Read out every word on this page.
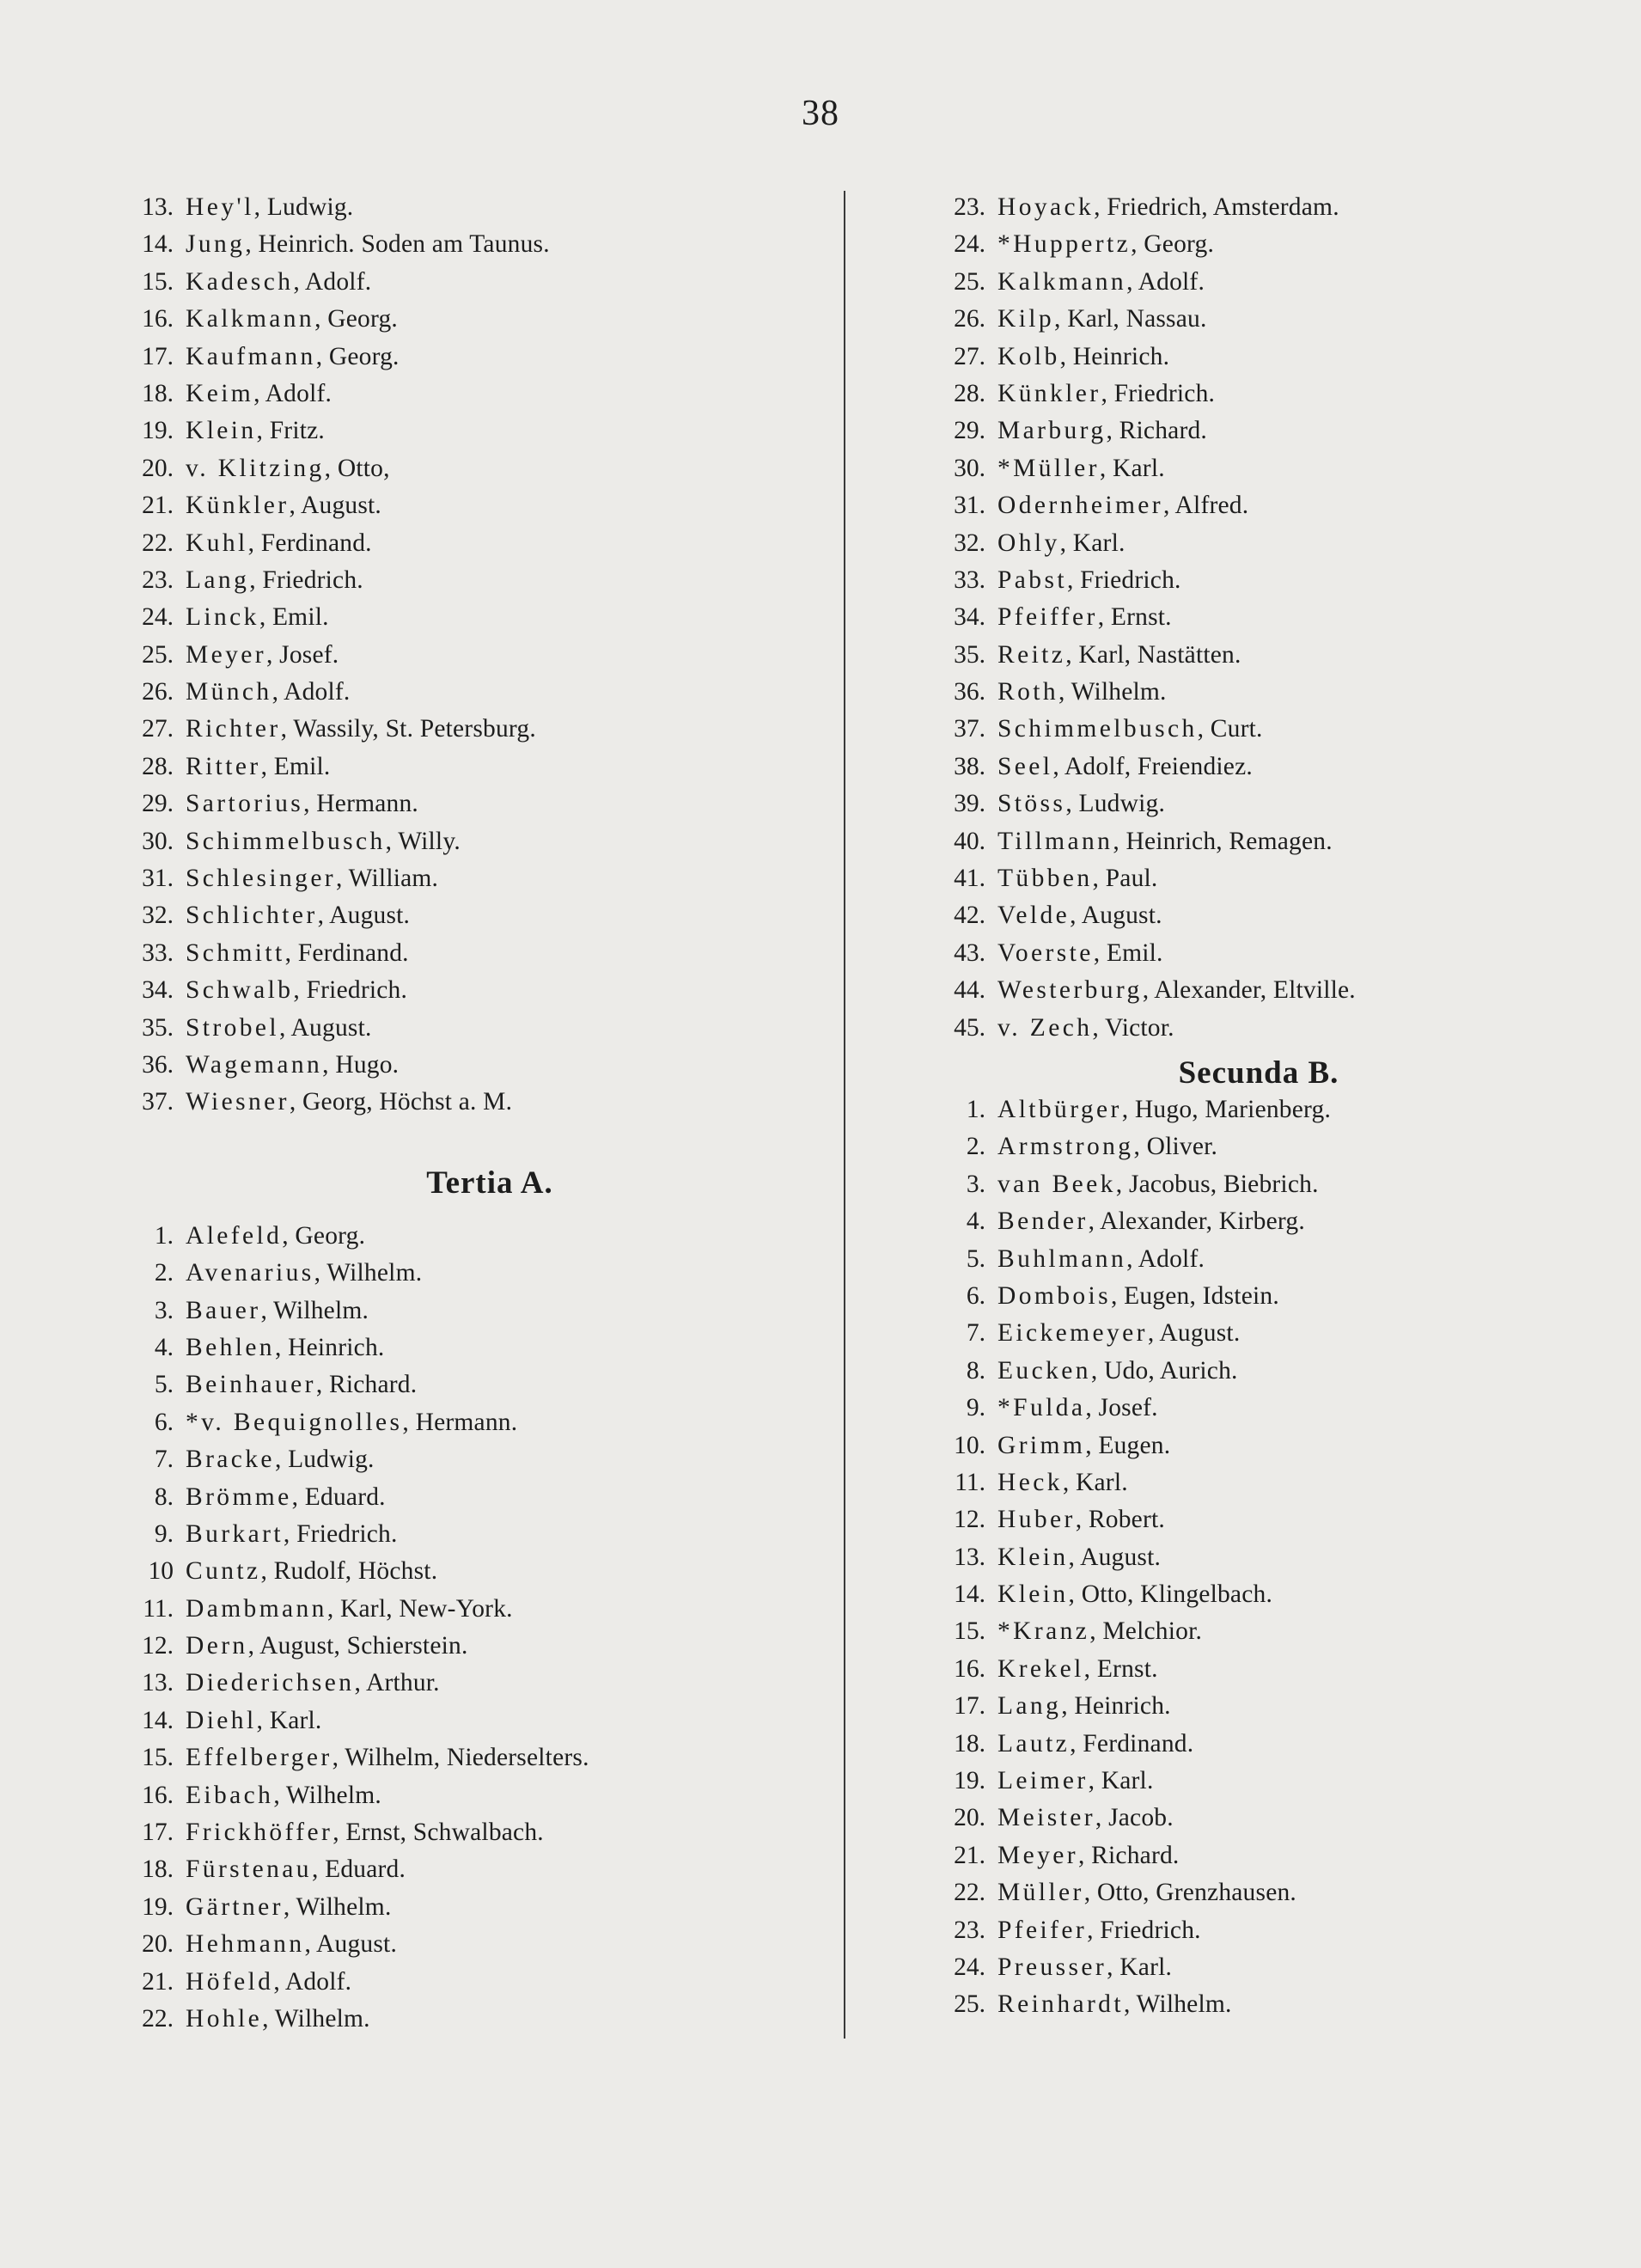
38
13. Hey'l, Ludwig.
14. Jung, Heinrich. Soden am Taunus.
15. Kadesch, Adolf.
16. Kalkmann, Georg.
17. Kaufmann, Georg.
18. Keim, Adolf.
19. Klein, Fritz.
20. v. Klitzing, Otto,
21. Künkler, August.
22. Kuhl, Ferdinand.
23. Lang, Friedrich.
24. Linck, Emil.
25. Meyer, Josef.
26. Münch, Adolf.
27. Richter, Wassily, St. Petersburg.
28. Ritter, Emil.
29. Sartorius, Hermann.
30. Schimmelbusch, Willy.
31. Schlesinger, William.
32. Schlichter, August.
33. Schmitt, Ferdinand.
34. Schwalb, Friedrich.
35. Strobel, August.
36. Wagemann, Hugo.
37. Wiesner, Georg, Höchst a. M.
Tertia A.
1. Alefeld, Georg.
2. Avenarius, Wilhelm.
3. Bauer, Wilhelm.
4. Behlen, Heinrich.
5. Beinhauer, Richard.
6. *v. Bequignolles, Hermann.
7. Bracke, Ludwig.
8. Brömme, Eduard.
9. Burkart, Friedrich.
10 Cuntz, Rudolf, Höchst.
11. Dambmann, Karl, New-York.
12. Dern, August, Schierstein.
13. Diederichsen, Arthur.
14. Diehl, Karl.
15. Effelberger, Wilhelm, Niederselters.
16. Eibach, Wilhelm.
17. Frickhöffer, Ernst, Schwalbach.
18. Fürstenau, Eduard.
19. Gärtner, Wilhelm.
20. Hehmann, August.
21. Höfeld, Adolf.
22. Hohle, Wilhelm.
23. Hoyack, Friedrich, Amsterdam.
24. *Huppertz, Georg.
25. Kalkmann, Adolf.
26. Kilp, Karl, Nassau.
27. Kolb, Heinrich.
28. Künkler, Friedrich.
29. Marburg, Richard.
30. *Müller, Karl.
31. Odernheimer, Alfred.
32. Ohly, Karl.
33. Pabst, Friedrich.
34. Pfeiffer, Ernst.
35. Reitz, Karl, Nastätten.
36. Roth, Wilhelm.
37. Schimmelbusch, Curt.
38. Seel, Adolf, Freiendiez.
39. Stöss, Ludwig.
40. Tillmann, Heinrich, Remagen.
41. Tübben, Paul.
42. Velde, August.
43. Voerste, Emil.
44. Westerburg, Alexander, Eltville.
45. v. Zech, Victor.
Secunda B.
1. Altbürger, Hugo, Marienberg.
2. Armstrong, Oliver.
3. van Beek, Jacobus, Biebrich.
4. Bender, Alexander, Kirberg.
5. Buhlmann, Adolf.
6. Dombois, Eugen, Idstein.
7. Eickemeyer, August.
8. Eucken, Udo, Aurich.
9. *Fulda, Josef.
10. Grimm, Eugen.
11. Heck, Karl.
12. Huber, Robert.
13. Klein, August.
14. Klein, Otto, Klingelbach.
15. *Kranz, Melchior.
16. Krekel, Ernst.
17. Lang, Heinrich.
18. Lautz, Ferdinand.
19. Leimer, Karl.
20. Meister, Jacob.
21. Meyer, Richard.
22. Müller, Otto, Grenzhausen.
23. Pfeifer, Friedrich.
24. Preusser, Karl.
25. Reinhardt, Wilhelm.
